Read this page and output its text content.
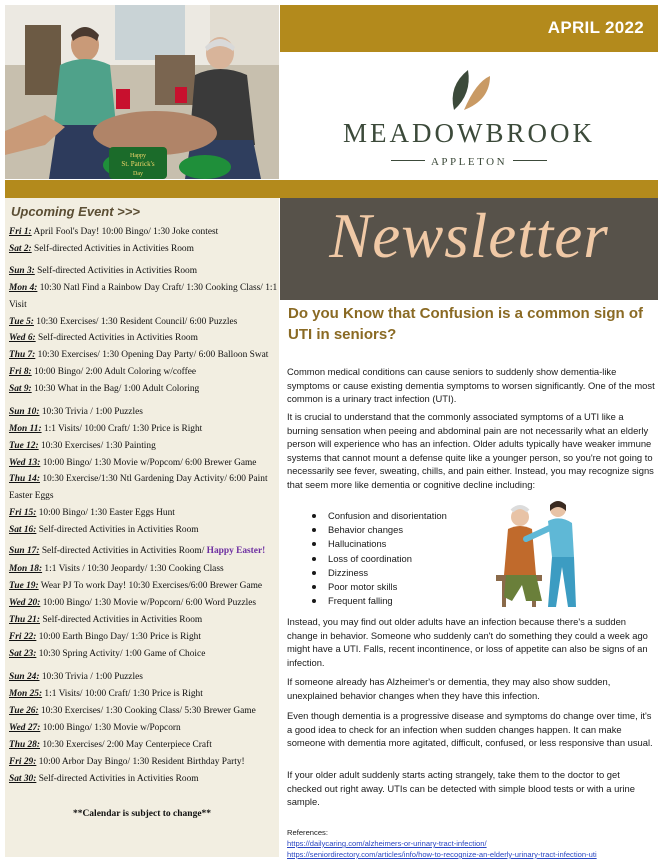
Happy
St. Patrick's
Day
APRIL 2022
MEADOWBROOK
APPLETON
Upcoming Event >>>
Fri 1: April Fool's Day! 10:00 Bingo/ 1:30 Joke contest
Sat 2: Self-directed Activities in Activities Room
Sun 3: Self-directed Activities in Activities Room
Mon 4: 10:30 Natl Find a Rainbow Day Craft/ 1:30 Cooking Class/ 1:1 Visit
Tue 5: 10:30 Exercises/ 1:30 Resident Council/ 6:00 Puzzles
Wed 6: Self-directed Activities in Activities Room
Thu 7: 10:30 Exercises/ 1:30 Opening Day Party/ 6:00 Balloon Swat
Fri 8: 10:00 Bingo/ 2:00 Adult Coloring w/coffee
Sat 9: 10:30 What in the Bag/ 1:00 Adult Coloring
Sun 10: 10:30 Trivia / 1:00 Puzzles
Mon 11: 1:1 Visits/ 10:00 Craft/ 1:30 Price is Right
Tue 12: 10:30 Exercises/ 1:30 Painting
Wed 13: 10:00 Bingo/ 1:30 Movie w/Popcom/ 6:00 Brewer Game
Thu 14: 10:30 Exercise/1:30 Ntl Gardening Day Activity/ 6:00 Paint Easter Eggs
Fri 15: 10:00 Bingo/ 1:30 Easter Eggs Hunt
Sat 16: Self-directed Activities in Activities Room
Sun 17: Self-directed Activities in Activities Room/ Happy Easter!
Mon 18: 1:1 Visits / 10:30 Jeopardy/ 1:30 Cooking Class
Tue 19: Wear PJ To work Day! 10:30 Exercises/6:00 Brewer Game
Wed 20: 10:00 Bingo/ 1:30 Movie w/Popcorn/ 6:00 Word Puzzles
Thu 21: Self-directed Activities in Activities Room
Fri 22: 10:00 Earth Bingo Day/ 1:30 Price is Right
Sat 23: 10:30 Spring Activity/ 1:00 Game of Choice
Sun 24: 10:30 Trivia / 1:00 Puzzles
Mon 25: 1:1 Visits/ 10:00 Craft/ 1:30 Price is Right
Tue 26: 10:30 Exercises/ 1:30 Cooking Class/ 5:30 Brewer Game
Wed 27: 10:00 Bingo/ 1:30 Movie w/Popcorn
Thu 28: 10:30 Exercises/ 2:00 May Centerpiece Craft
Fri 29: 10:00 Arbor Day Bingo/ 1:30 Resident Birthday Party!
Sat 30: Self-directed Activities in Activities Room
**Calendar is subject to change**
Newsletter
Do you Know that Confusion is a common sign of UTI in seniors?

Common medical conditions can cause seniors to suddenly show dementia-like symptoms or cause existing dementia symptoms to worsen significantly. One of the most common is a urinary tract infection (UTI).

It is crucial to understand that the commonly associated symptoms of a UTI like a burning sensation when peeing and abdominal pain are not necessarily what an elderly person will experience who has an infection. Older adults typically have weaker immune systems that cannot mount a defense quite like a younger person, so you're not going to necessarily see fever, sweating, chills, and pain either. Instead, you may recognize signs that seem more like dementia or cognitive decline including:

Confusion and disorientation
Behavior changes
Hallucinations
Loss of coordination
Dizziness
Poor motor skills
Frequent falling

Instead, you may find out older adults have an infection because there's a sudden change in behavior. Someone who suddenly can't do something they could a week ago might have a UTI. Falls, recent incontinence, or loss of appetite can also be signs of an infection.

If someone already has Alzheimer's or dementia, they may also show sudden, unexplained behavior changes when they have this infection.

Even though dementia is a progressive disease and symptoms do change over time, it's a good idea to check for an infection when sudden changes happen. It can make someone with dementia more agitated, difficult, confused, or less responsive than usual.

If your older adult suddenly starts acting strangely, take them to the doctor to get checked out right away. UTIs can be detected with simple blood tests or with a urine sample.

References:
https://dailycaring.com/alzheimers-or-urinary-tract-infection/
https://seniordirectory.com/articles/info/how-to-recognize-an-elderly-urinary-tract-infection-uti
